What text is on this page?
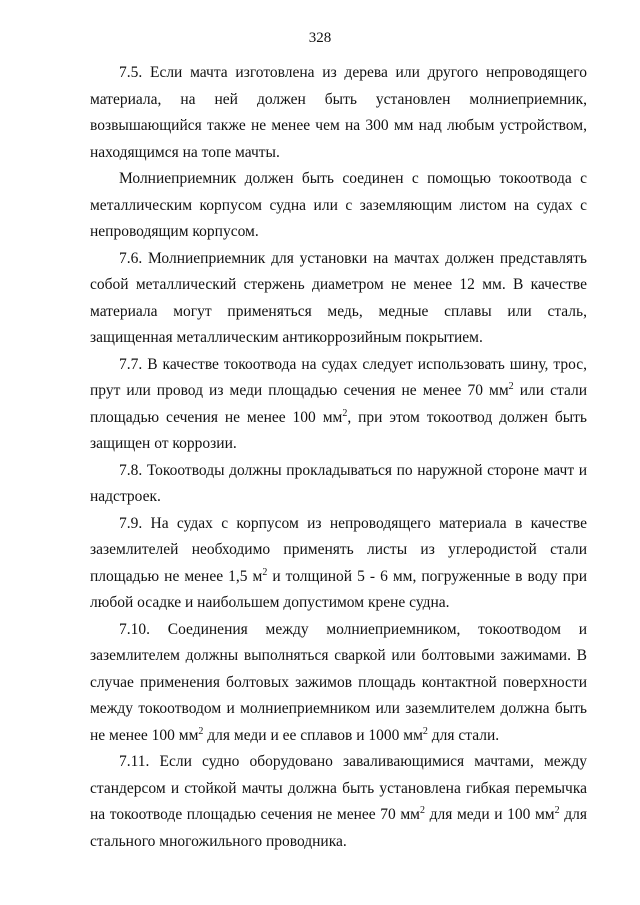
328

7.5. Если мачта изготовлена из дерева или другого непроводящего материала, на ней должен быть установлен молниеприемник, возвышающийся также не менее чем на 300 мм над любым устройством, находящимся на топе мачты.

Молниеприемник должен быть соединен с помощью токоотвода с металлическим корпусом судна или с заземляющим листом на судах с непроводящим корпусом.

7.6. Молниеприемник для установки на мачтах должен представлять собой металлический стержень диаметром не менее 12 мм. В качестве материала могут применяться медь, медные сплавы или сталь, защищенная металлическим антикоррозийным покрытием.

7.7. В качестве токоотвода на судах следует использовать шину, трос, прут или провод из меди площадью сечения не менее 70 $мм^2$ или стали площадью сечения не менее 100 $мм^2$, при этом токоотвод должен быть защищен от коррозии.

7.8. Токоотводы должны прокладываться по наружной стороне мачт и надстроек.

7.9. На судах с корпусом из непроводящего материала в качестве заземлителей необходимо применять листы из углеродистой стали площадью не менее 1,5 $м^2$ и толщиной 5 - 6 мм, погруженные в воду при любой осадке и наибольшем допустимом крене судна.

7.10. Соединения между молниеприемником, токоотводом и заземлителем должны выполняться сваркой или болтовыми зажимами. В случае применения болтовых зажимов площадь контактной поверхности между токоотводом и молниеприемником или заземлителем должна быть не менее 100 $мм^2$ для меди и ее сплавов и 1000 $мм^2$ для стали.

7.11. Если судно оборудовано заваливающимися мачтами, между стандерсом и стойкой мачты должна быть установлена гибкая перемычка на токоотводе площадью сечения не менее 70 $мм^2$ для меди и 100 $мм^2$ для стального многожильного проводника.
